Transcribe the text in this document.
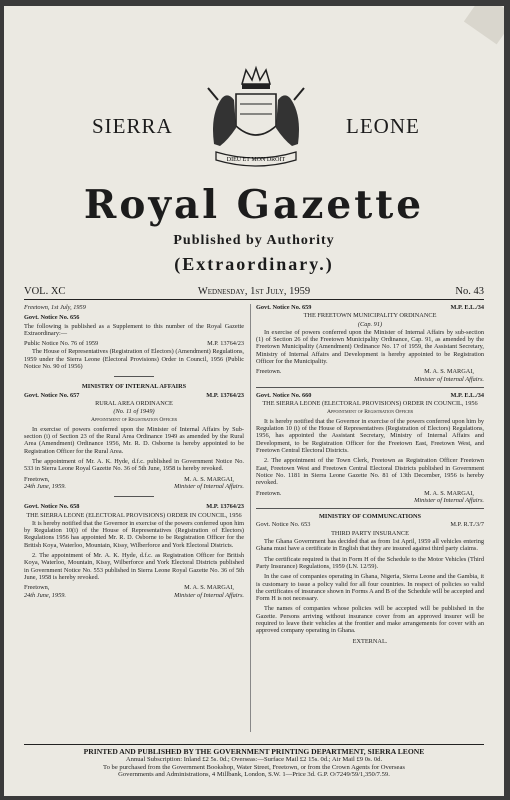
SIERRA	LEONE
DIEU ET MON DROIT
Royal Gazette
Published by Authority
(Extraordinary.)
VOL. XC	Wednesday, 1st July, 1959	No. 43

Freetown, 1st July, 1959
Govt. Notice No. 656
The following is published as a Supplement to this number of the Royal Gazette Extraordinary:—
Public Notice No. 76 of 1959	M.P. 13764/23
The House of Representatives (Registration of Electors) (Amendment) Regulations, 1959 under the Sierra Leone (Electoral Provisions) Order in Council, 1956 (Public Notice No. 90 of 1956)
MINISTRY OF INTERNAL AFFAIRS
Govt. Notice No. 657	M.P. 13764/23
RURAL AREA ORDINANCE
(No. 11 of 1949)
Appointment of Registration Officer
In exercise of powers conferred upon the Minister of Internal Affairs by Sub-section (i) of Section 23 of the Rural Area Ordinance 1949 as amended by the Rural Area (Amendment) Ordinance 1956, Mr. R. D. Osborne is hereby appointed to be Registration Officer for the Rural Area.
The appointment of Mr. A. K. Hyde, d.f.c. published in Government Notice No. 533 in Sierra Leone Royal Gazette No. 36 of 5th June, 1958 is hereby revoked.
Freetown,
24th June, 1959.
M. A. S. MARGAI,
Minister of Internal Affairs.
Govt. Notice No. 658	M.P. 13764/23
THE SIERRA LEONE (ELECTORAL PROVISIONS) ORDER IN COUNCIL, 1956
It is hereby notified that the Governor in exercise of the powers conferred upon him by Regulation 10(i) of the House of Representatives (Registration of Electors) Regulations 1956 has appointed Mr. R. D. Osborne to be Registration Officer for the British Koya, Waterloo, Mountain, Kissy, Wilberforce and York Electoral Districts.
2. The appointment of Mr. A. K. Hyde, d.f.c. as Registration Officer for British Koya, Waterloo, Mountain, Kissy, Wilberforce and York Electoral Districts published in Government Notice No. 553 published in Sierra Leone Royal Gazette No. 36 of 5th June, 1958 is hereby revoked.
Freetown,
24th June, 1959.
M. A. S. MARGAI,
Minister of Internal Affairs.
Govt. Notice No. 659	M.P. E.L./34
THE FREETOWN MUNICIPALITY ORDINANCE
(Cap. 91)
In exercise of powers conferred upon the Minister of Internal Affairs by sub-section (1) of Section 26 of the Freetown Municipality Ordinance, Cap. 91, as amended by the Freetown Municipality (Amendment) Ordinance No. 17 of 1959, the Assistant Secretary, Ministry of Internal Affairs and Development is hereby appointed to be Registration Officer for the Municipality.
Freetown.	M. A. S. MARGAI,
Minister of Internal Affairs.
Govt. Notice No. 660	M.P. E.L./34
THE SIERRA LEONE (ELECTORAL PROVISIONS) ORDER IN COUNCIL, 1956
Appointment of Registration Officer
It is hereby notified that the Governor in exercise of the powers conferred upon him by Regulation 10 (i) of the House of Representatives (Registration of Electors) Regulations, 1956, has appointed the Assistant Secretary, Ministry of Internal Affairs and Development, to be Registration Officer for the Freetown East, Freetown West, and Freetown Central Electoral Districts.
2. The appointment of the Town Clerk, Freetown as Registration Officer Freetown East, Freetown West and Freetown Central Electoral Districts published in Government Notice No. 1181 in Sierra Leone Gazette No. 81 of 13th December, 1956 is hereby revoked.
Freetown.	M. A. S. MARGAI,
Minister of Internal Affairs.
MINISTRY OF COMMUNCATIONS
Govt. Notice No. 653	M.P. R.T./3/7
THIRD PARTY INSURANCE
The Ghana Government has decided that as from 1st April, 1959 all vehicles entering Ghana must have a certificate in English that they are insured against third party claims.
The certificate required is that in Form H of the Schedule to the Motor Vehicles (Third Party Insurance) Regulations, 1959 (LN. 12/59).
In the case of companies operating in Ghana, Nigeria, Sierra Leone and the Gambia, it is customary to issue a policy valid for all four countries. In respect of policies so valid the certificates of insurance shown in Forms A and B of the Schedule will be accepted and Form H is not necessary.
The names of companies whose policies will be accepted will be published in the Gazette. Persons arriving without insurance cover from an approved insurer will be required to leave their vehicles at the frontier and make arrangements for cover with an approved company operating in Ghana.
EXTERNAL.
PRINTED AND PUBLISHED BY THE GOVERNMENT PRINTING DEPARTMENT, SIERRA LEONE
Annual Subscription: Inland £2 5s. 0d.; Overseas:—Surface Mail £2 15s. 0d.; Air Mail £9 0s. 0d.
To be purchased from the Government Bookshop, Water Street, Freetown, or from the Crown Agents for Overseas
Governments and Administrations, 4 Millbank, London, S.W. 1—Price 3d. G.P. O/7249/59/1,350/7.59.
